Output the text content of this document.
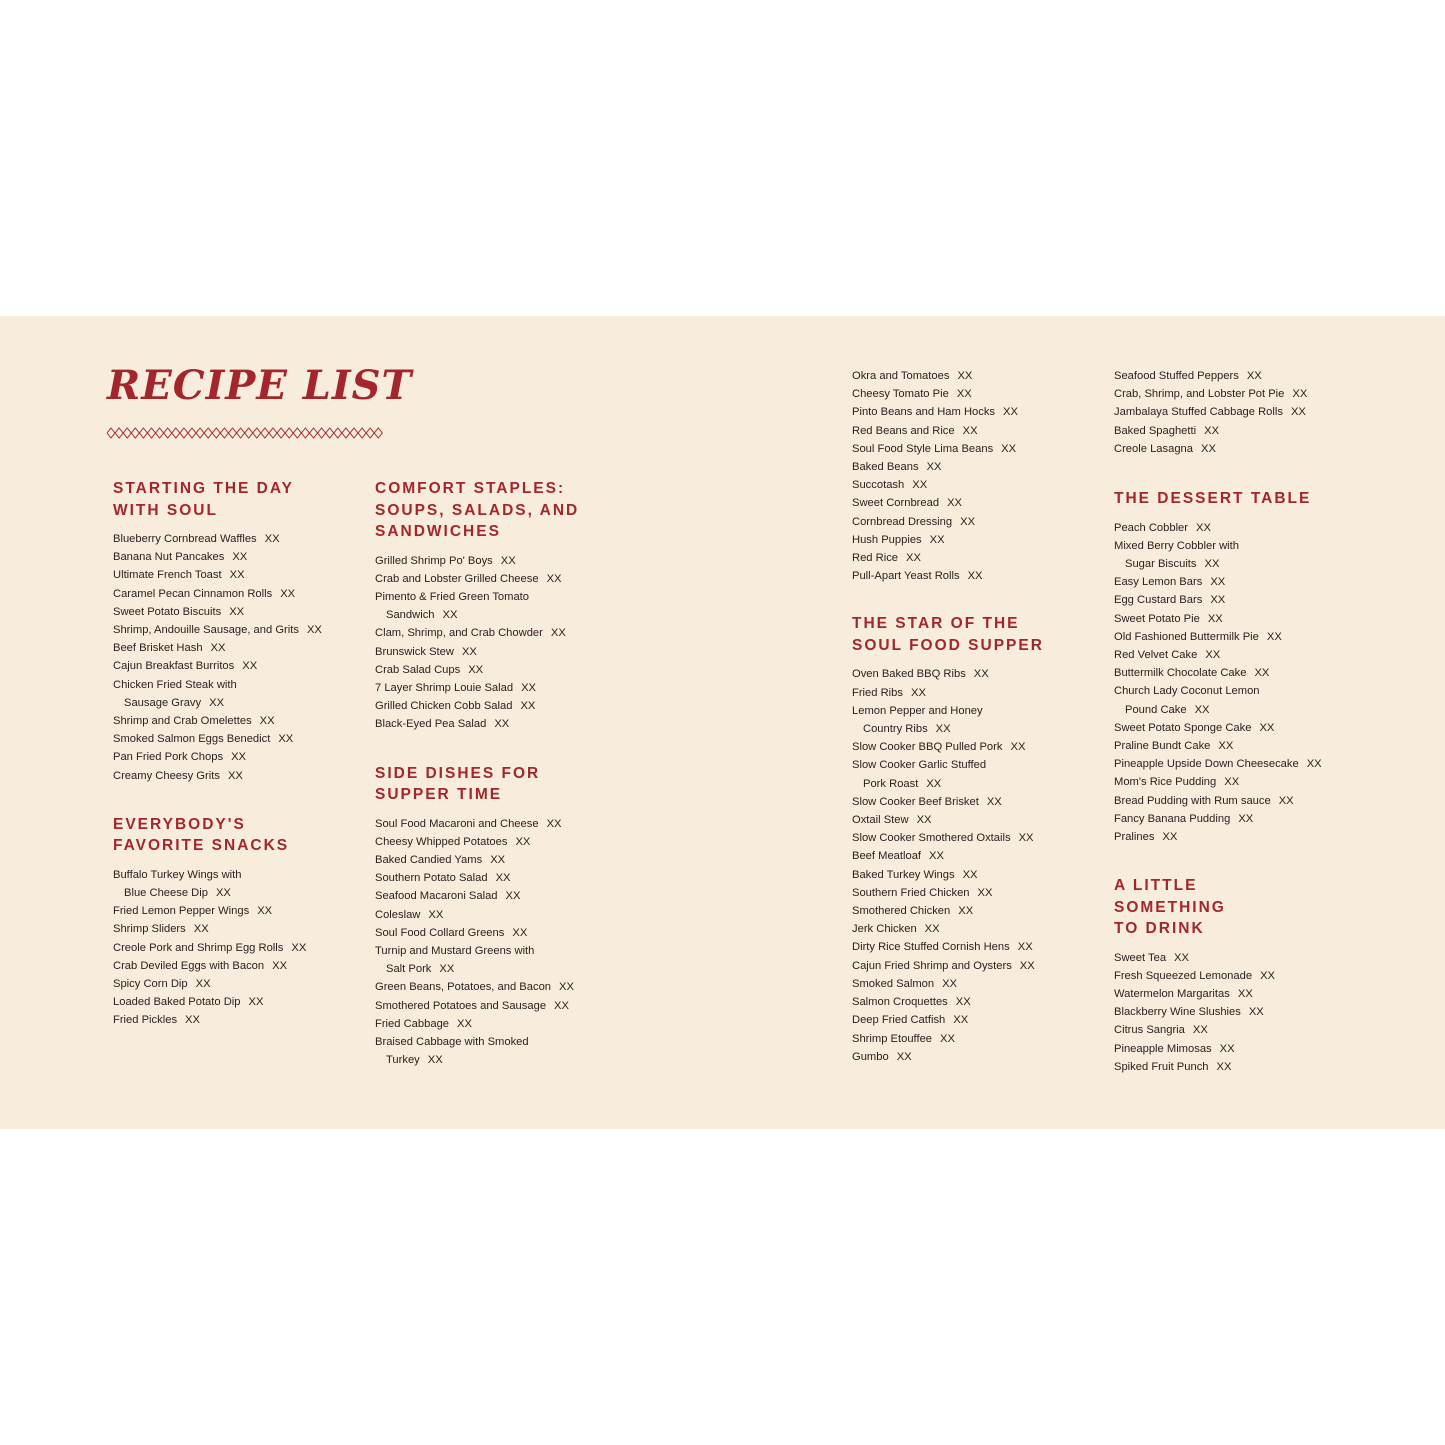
RECIPE LIST
STARTING THE DAY
WITH SOUL
Blueberry Cornbread Waffles XX
Banana Nut Pancakes XX
Ultimate French Toast XX
Caramel Pecan Cinnamon Rolls XX
Sweet Potato Biscuits XX
Shrimp, Andouille Sausage, and Grits XX
Beef Brisket Hash XX
Cajun Breakfast Burritos XX
Chicken Fried Steak with
Sausage Gravy XX
Shrimp and Crab Omelettes XX
Smoked Salmon Eggs Benedict XX
Pan Fried Pork Chops XX
Creamy Cheesy Grits XX
EVERYBODY'S
FAVORITE SNACKS
Buffalo Turkey Wings with
Blue Cheese Dip XX
Fried Lemon Pepper Wings XX
Shrimp Sliders XX
Creole Pork and Shrimp Egg Rolls XX
Crab Deviled Eggs with Bacon XX
Spicy Corn Dip XX
Loaded Baked Potato Dip XX
Fried Pickles XX
COMFORT STAPLES:
SOUPS, SALADS, AND
SANDWICHES
Grilled Shrimp Po' Boys XX
Crab and Lobster Grilled Cheese XX
Pimento & Fried Green Tomato
Sandwich XX
Clam, Shrimp, and Crab Chowder XX
Brunswick Stew XX
Crab Salad Cups XX
7 Layer Shrimp Louie Salad XX
Grilled Chicken Cobb Salad XX
Black-Eyed Pea Salad XX
SIDE DISHES FOR
SUPPER TIME
Soul Food Macaroni and Cheese XX
Cheesy Whipped Potatoes XX
Baked Candied Yams XX
Southern Potato Salad XX
Seafood Macaroni Salad XX
Coleslaw XX
Soul Food Collard Greens XX
Turnip and Mustard Greens with
Salt Pork XX
Green Beans, Potatoes, and Bacon XX
Smothered Potatoes and Sausage XX
Fried Cabbage XX
Braised Cabbage with Smoked
Turkey XX
Okra and Tomatoes XX
Cheesy Tomato Pie XX
Pinto Beans and Ham Hocks XX
Red Beans and Rice XX
Soul Food Style Lima Beans XX
Baked Beans XX
Succotash XX
Sweet Cornbread XX
Cornbread Dressing XX
Hush Puppies XX
Red Rice XX
Pull-Apart Yeast Rolls XX
THE STAR OF THE
SOUL FOOD SUPPER
Oven Baked BBQ Ribs XX
Fried Ribs XX
Lemon Pepper and Honey
Country Ribs XX
Slow Cooker BBQ Pulled Pork XX
Slow Cooker Garlic Stuffed
Pork Roast XX
Slow Cooker Beef Brisket XX
Oxtail Stew XX
Slow Cooker Smothered Oxtails XX
Beef Meatloaf XX
Baked Turkey Wings XX
Southern Fried Chicken XX
Smothered Chicken XX
Jerk Chicken XX
Dirty Rice Stuffed Cornish Hens XX
Cajun Fried Shrimp and Oysters XX
Smoked Salmon XX
Salmon Croquettes XX
Deep Fried Catfish XX
Shrimp Etouffee XX
Gumbo XX
Seafood Stuffed Peppers XX
Crab, Shrimp, and Lobster Pot Pie XX
Jambalaya Stuffed Cabbage Rolls XX
Baked Spaghetti XX
Creole Lasagna XX
THE DESSERT TABLE
Peach Cobbler XX
Mixed Berry Cobbler with
Sugar Biscuits XX
Easy Lemon Bars XX
Egg Custard Bars XX
Sweet Potato Pie XX
Old Fashioned Buttermilk Pie XX
Red Velvet Cake XX
Buttermilk Chocolate Cake XX
Church Lady Coconut Lemon
Pound Cake XX
Sweet Potato Sponge Cake XX
Praline Bundt Cake XX
Pineapple Upside Down Cheesecake XX
Mom's Rice Pudding XX
Bread Pudding with Rum sauce XX
Fancy Banana Pudding XX
Pralines XX
A LITTLE
SOMETHING
TO DRINK
Sweet Tea XX
Fresh Squeezed Lemonade XX
Watermelon Margaritas XX
Blackberry Wine Slushies XX
Citrus Sangria XX
Pineapple Mimosas XX
Spiked Fruit Punch XX
